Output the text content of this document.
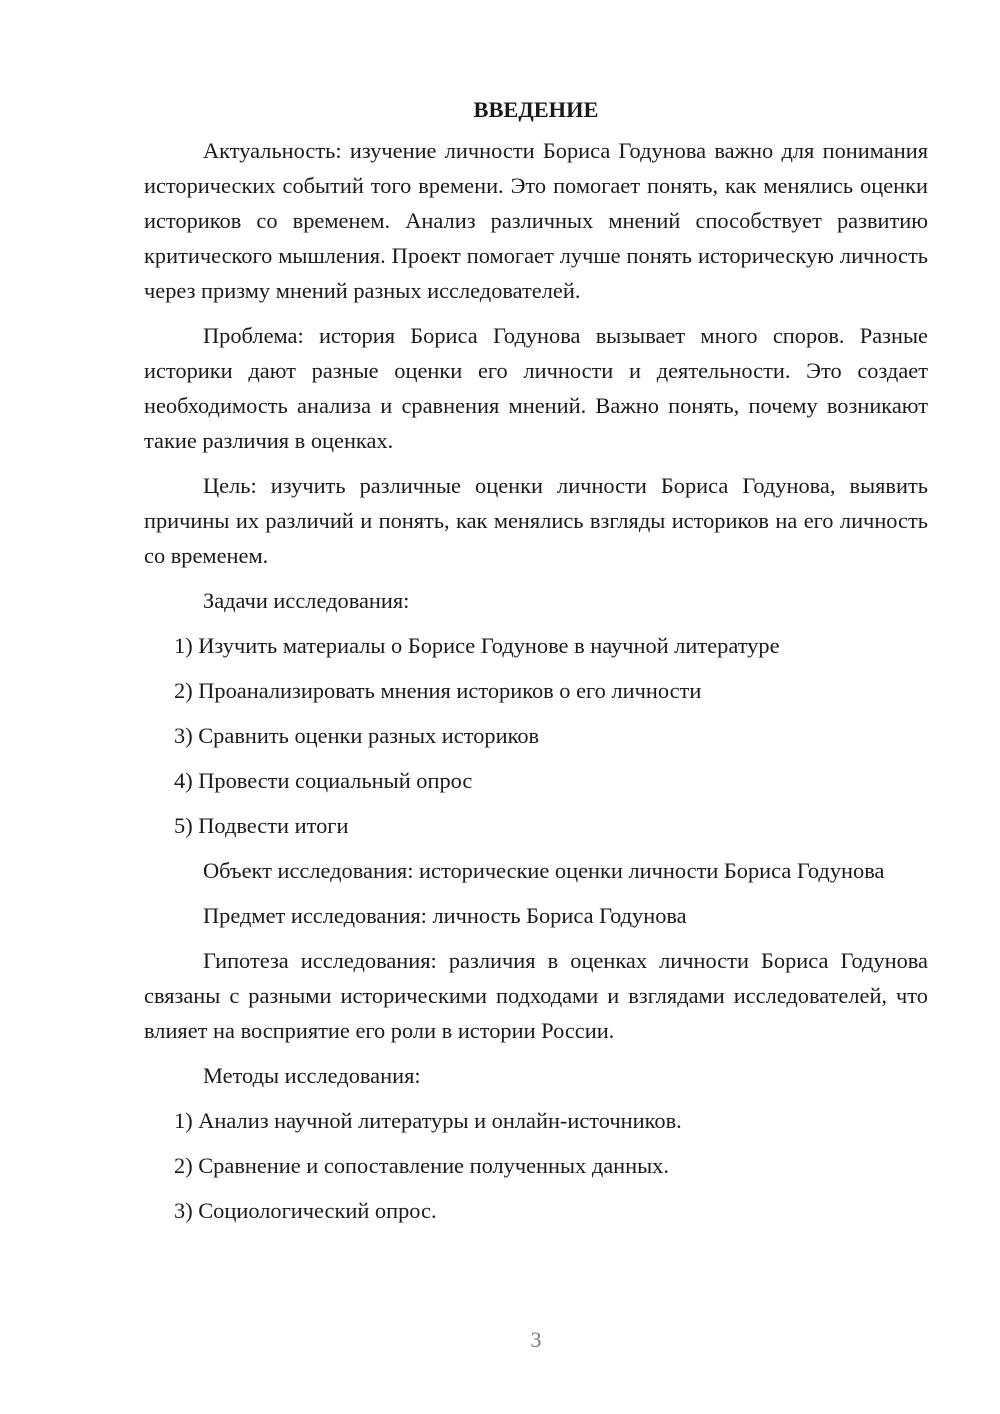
ВВЕДЕНИЕ

Актуальность: изучение личности Бориса Годунова важно для понимания исторических событий того времени. Это помогает понять, как менялись оценки историков со временем. Анализ различных мнений способствует развитию критического мышления. Проект помогает лучше понять историческую личность через призму мнений разных исследователей.

Проблема: история Бориса Годунова вызывает много споров. Разные историки дают разные оценки его личности и деятельности. Это создает необходимость анализа и сравнения мнений. Важно понять, почему возникают такие различия в оценках.

Цель: изучить различные оценки личности Бориса Годунова, выявить причины их различий и понять, как менялись взгляды историков на его личность со временем.

Задачи исследования:

1) Изучить материалы о Борисе Годунове в научной литературе
2) Проанализировать мнения историков о его личности
3) Сравнить оценки разных историков
4) Провести социальный опрос
5) Подвести итоги

Объект исследования: исторические оценки личности Бориса Годунова

Предмет исследования: личность Бориса Годунова

Гипотеза исследования: различия в оценках личности Бориса Годунова связаны с разными историческими подходами и взглядами исследователей, что влияет на восприятие его роли в истории России.

Методы исследования:

1) Анализ научной литературы и онлайн-источников.
2) Сравнение и сопоставление полученных данных.
3) Социологический опрос.
3
